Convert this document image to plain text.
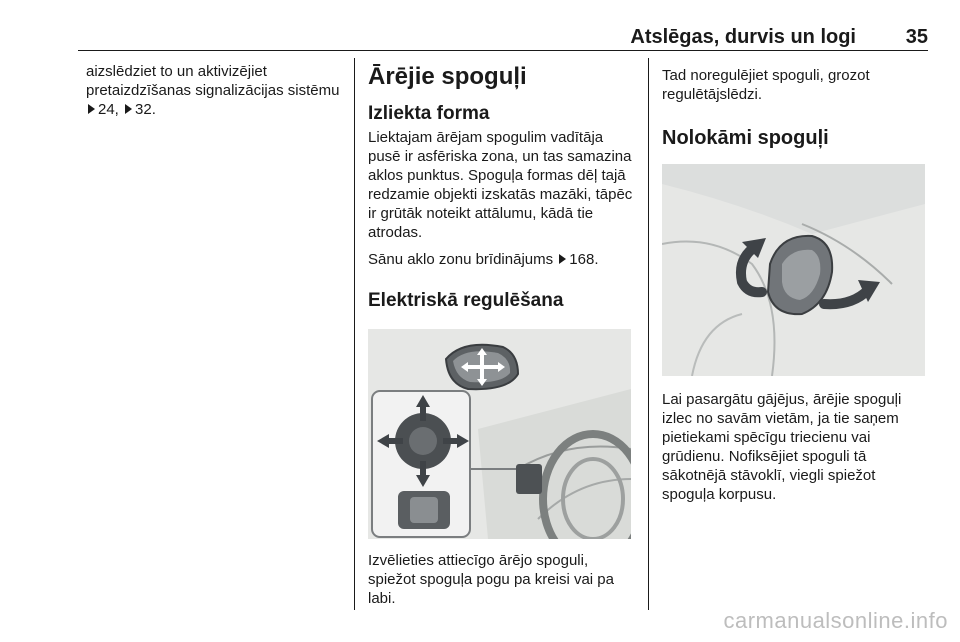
Atslēgas, durvis un logi 35

aizslēdziet to un aktivizējiet pretaizdzīšanas signalizācijas sistēmu 24, 32.

Ārējie spoguļi
Izliekta forma

Liektajam ārējam spogulim vadītāja pusē ir asfēriska zona, un tas samazina aklos punktus. Spoguļa formas dēļ tajā redzamie objekti izskatās mazāki, tāpēc ir grūtāk noteikt attālumu, kādā tie atrodas.

Sānu aklo zonu brīdinājums 168.

Elektriskā regulēšana

Izvēlieties attiecīgo ārējo spoguli, spiežot spoguļa pogu pa kreisi vai pa labi.

Tad noregulējiet spoguli, grozot regulētājslēdzi.

Nolokāmi spoguļi

Lai pasargātu gājējus, ārējie spoguļi izlec no savām vietām, ja tie saņem pietiekami spēcīgu triecienu vai grūdienu. Nofiksējiet spoguli tā sākotnējā stāvoklī, viegli spiežot spoguļa korpusu.

carmanualsonline.info
